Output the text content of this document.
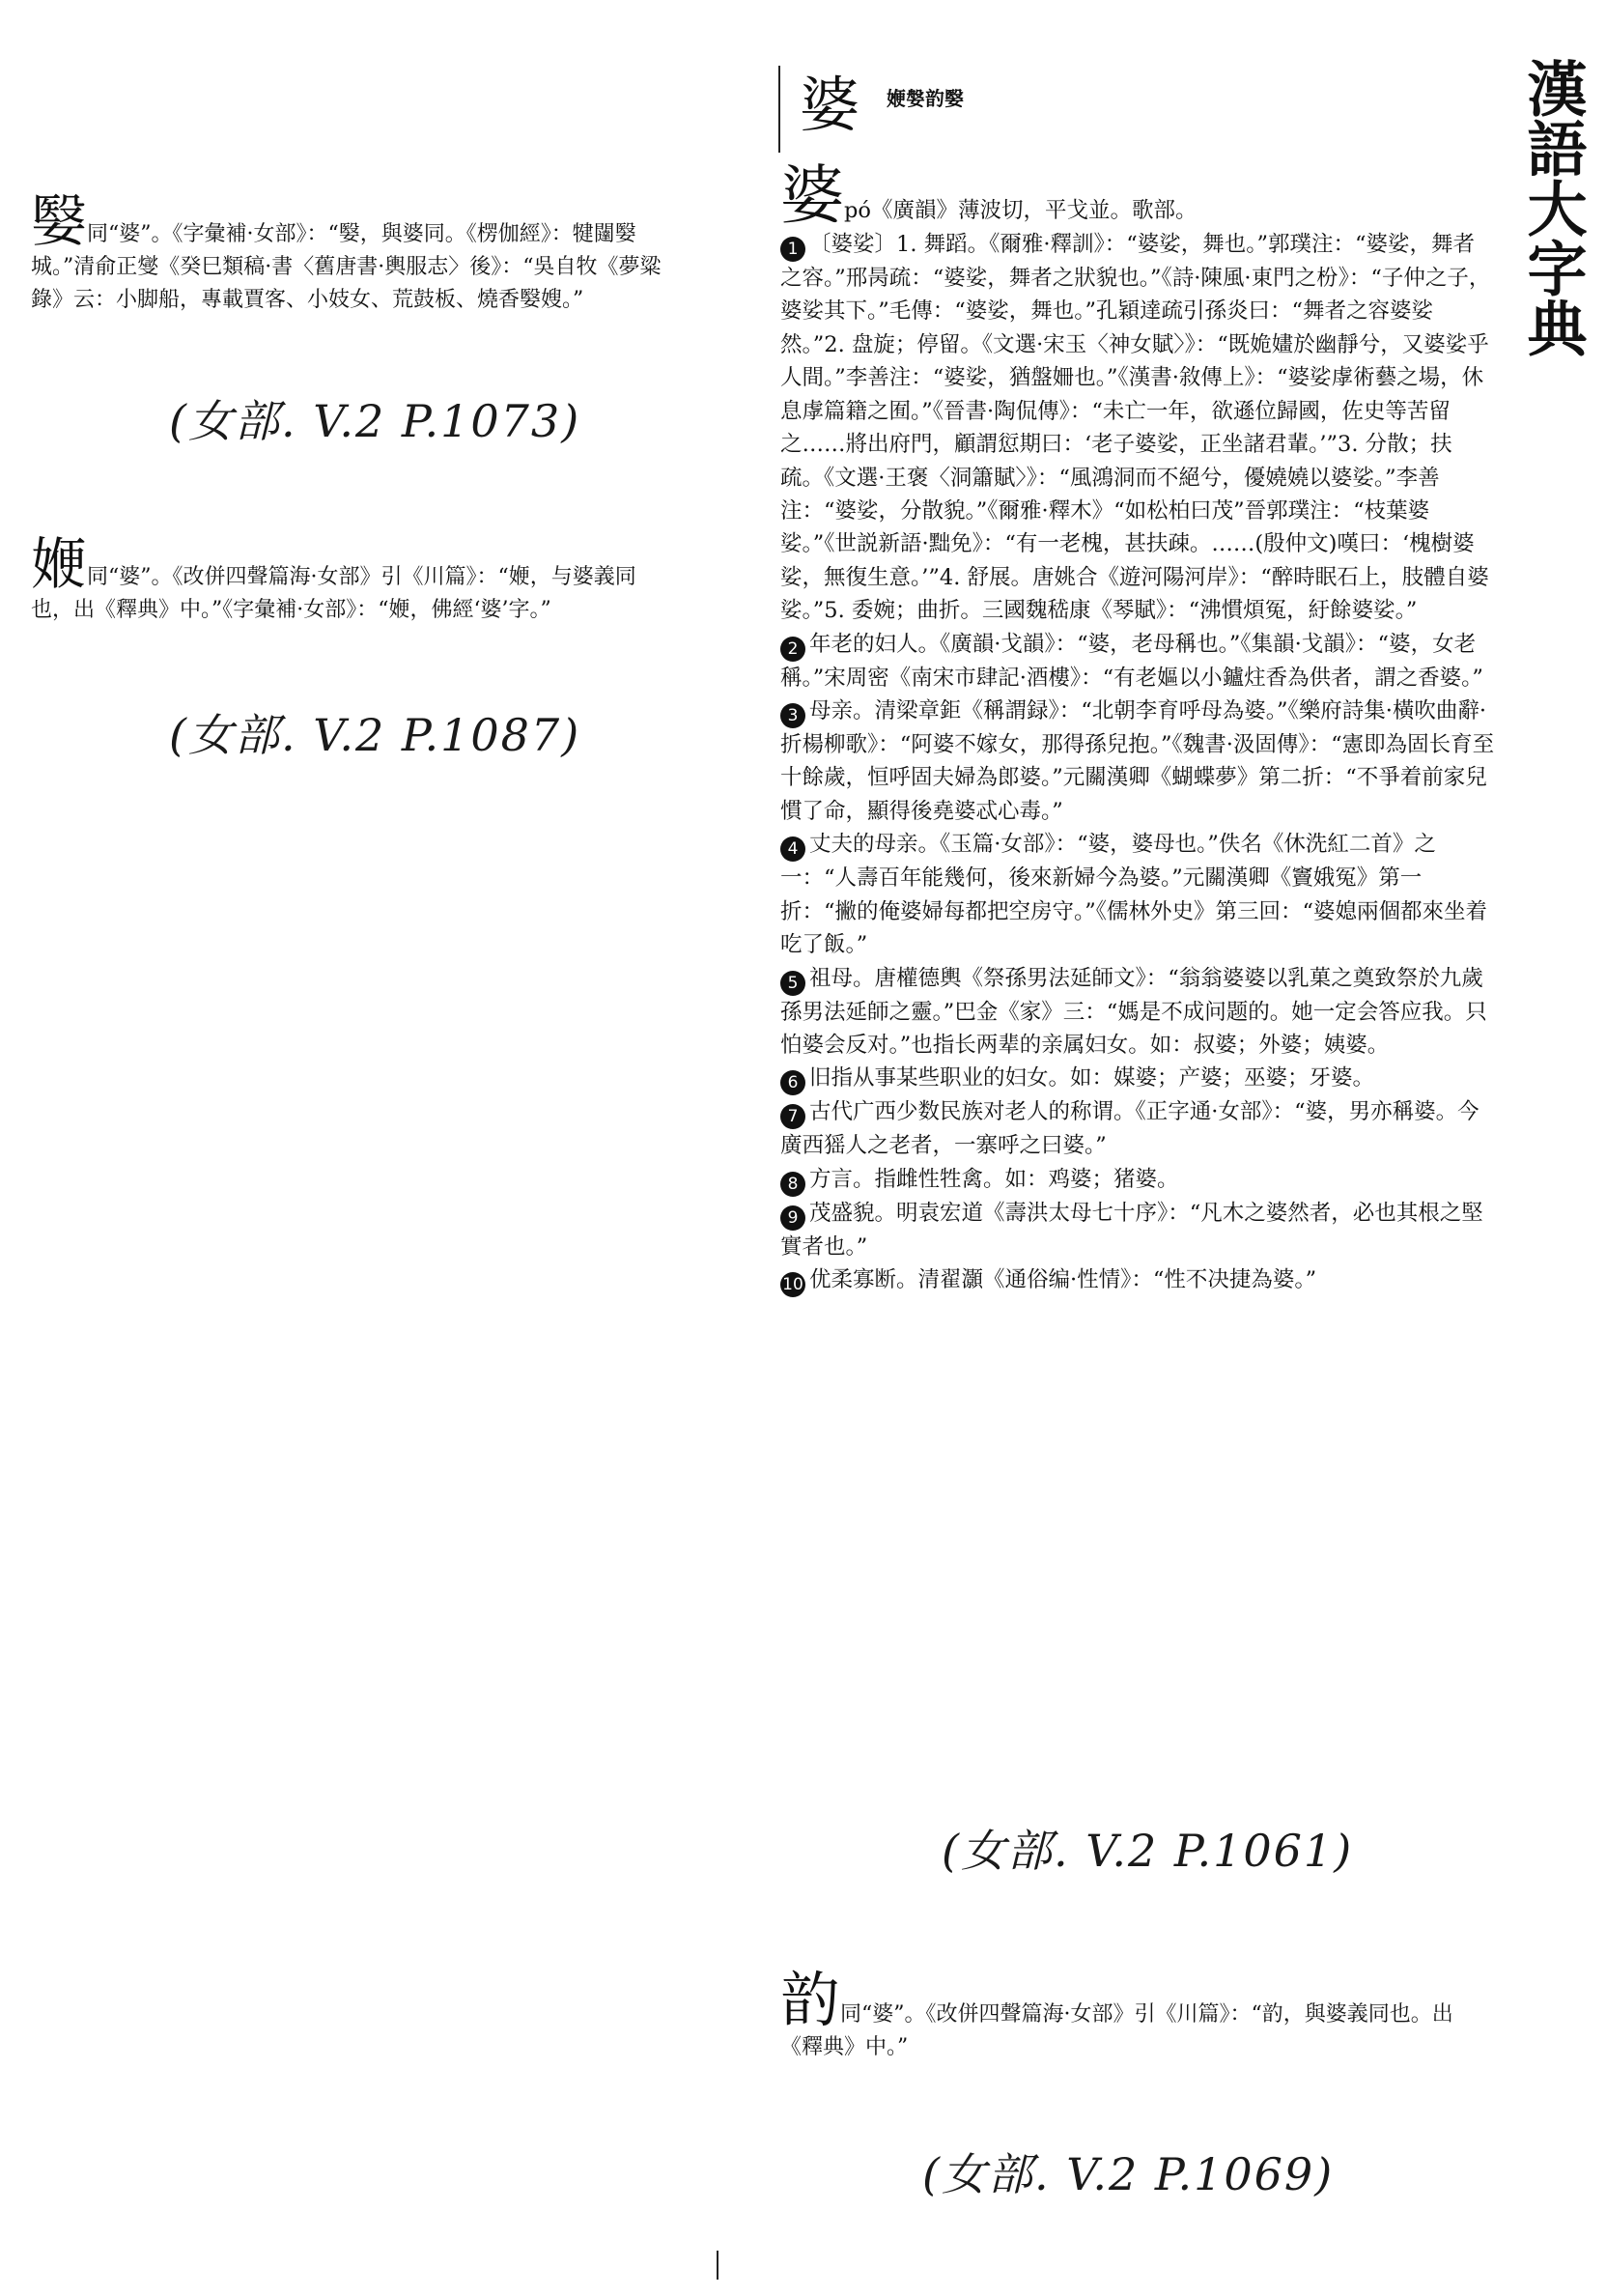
漢語大字典
婆 㛹媻䪨嫛
嫛同“婆”。《字彙補·女部》：“嫛，與婆同。《楞伽經》：犍闥嫛城。”清俞正燮《癸巳類稿·書〈舊唐書·輿服志〉後》：“吳自牧《夢粱錄》云：小脚船，專載賈客、小妓女、荒鼓板、燒香嫛嫂。”
(女部. V.2 P.1073)
㛹同“婆”。《改併四聲篇海·女部》引《川篇》：“㛹，与婆義同也，出《釋典》中。”《字彙補·女部》：“㛹，佛經‘婆’字。”
(女部. V.2 P.1087)

婆pó《廣韻》薄波切，平戈並。歌部。

1 〔婆娑〕1. 舞蹈。《爾雅·釋訓》：“婆娑，舞也。”郭璞注：“婆娑，舞者之容。”邢昺疏：“婆娑，舞者之狀貌也。”《詩·陳風·東門之枌》：“子仲之子，婆娑其下。”毛傳：“婆娑，舞也。”孔穎達疏引孫炎曰：“舞者之容婆娑然。”2. 盘旋；停留。《文選·宋玉〈神女賦〉》：“既姽嫿於幽靜兮，又婆娑乎人間。”李善注：“婆娑，猶盤姍也。”《漢書·敘傳上》：“婆娑虖術藝之場，休息虖篇籍之囿。”《晉書·陶侃傳》：“未亡一年，欲遜位歸國，佐史等苦留之……將出府門，顧謂愆期曰：‘老子婆娑，正坐諸君輩。’”3. 分散；扶疏。《文選·王褒〈洞簫賦〉》：“風鴻洞而不絕兮，優嬈嬈以婆娑。”李善注：“婆娑，分散貌。”《爾雅·釋木》“如松柏曰茂”晉郭璞注：“枝葉婆娑。”《世説新語·黜免》：“有一老槐，甚扶疎。……(殷仲文)嘆曰：‘槐樹婆娑，無復生意。’”4. 舒展。唐姚合《遊河陽河岸》：“醉時眠石上，肢體自婆娑。”5. 委婉；曲折。三國魏嵇康《琴賦》：“沸慣煩冤，紆餘婆娑。”

2 年老的妇人。《廣韻·戈韻》：“婆，老母稱也。”《集韻·戈韻》：“婆，女老稱。”宋周密《南宋市肆記·酒樓》：“有老嫗以小鑪炷香為供者，謂之香婆。”

3 母亲。清梁章鉅《稱謂録》：“北朝李育呼母為婆。”《樂府詩集·橫吹曲辭·折楊柳歌》：“阿婆不嫁女，那得孫兒抱。”《魏書·汲固傳》：“憲即為固长育至十餘歲，恒呼固夫婦為郎婆。”元關漢卿《蝴蝶夢》第二折：“不爭着前家兒慣了命，顯得後堯婆忒心毒。”

4 丈夫的母亲。《玉篇·女部》：“婆，婆母也。”佚名《休洗紅二首》之一：“人壽百年能幾何，後來新婦今為婆。”元關漢卿《竇娥冤》第一折：“撇的俺婆婦每都把空房守。”《儒林外史》第三回：“婆媳兩個都來坐着吃了飯。”

5 祖母。唐權德輿《祭孫男法延師文》：“翁翁婆婆以乳菓之奠致祭於九歲孫男法延師之靈。”巴金《家》三：“媽是不成问题的。她一定会答应我。只怕婆会反对。”也指长两辈的亲属妇女。如：叔婆；外婆；姨婆。

6 旧指从事某些职业的妇女。如：媒婆；产婆；巫婆；牙婆。

7 古代广西少数民族对老人的称谓。《正字通·女部》：“婆，男亦稱婆。今廣西猺人之老者，一寨呼之曰婆。”

8 方言。指雌性牲禽。如：鸡婆；猪婆。

9 茂盛貌。明袁宏道《壽洪太母七十序》：“凡木之婆然者，必也其根之堅實者也。”

10 优柔寡断。清翟灝《通俗编·性情》：“性不决捷為婆。”

(女部. V.2 P.1061)
䪨同“婆”。《改併四聲篇海·女部》引《川篇》：“䪨，與婆義同也。出《釋典》中。”
(女部. V.2 P.1069)
